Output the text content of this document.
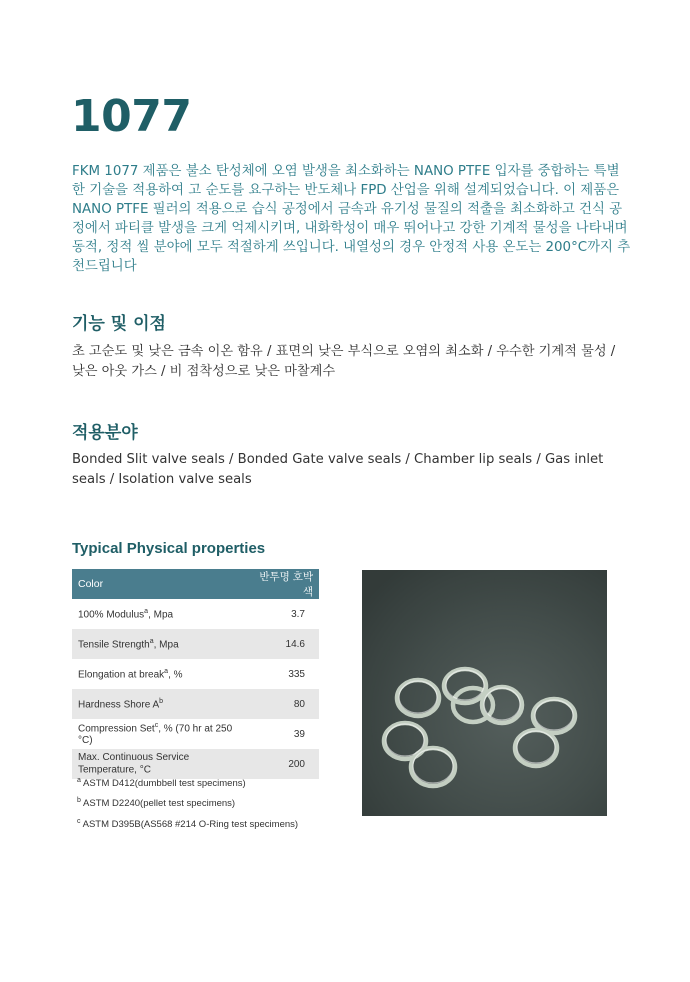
1077

FKM 1077 제품은 불소 탄성체에 오염 발생을 최소화하는 NANO PTFE 입자를 중합하는 특별한 기술을 적용하여 고 순도를 요구하는 반도체나 FPD 산업을 위해 설계되었습니다. 이 제품은 NANO PTFE 필러의 적용으로 습식 공정에서 금속과 유기성 물질의 적출을 최소화하고 건식 공정에서 파티클 발생을 크게 억제시키며, 내화학성이 매우 뛰어나고 강한 기계적 물성을 나타내며 동적, 정적 씰 분야에 모두 적절하게 쓰입니다. 내열성의 경우 안정적 사용 온도는 200°C까지 추천드립니다

기능 및 이점

초 고순도 및 낮은 금속 이온 함유 / 표면의 낮은 부식으로 오염의 최소화 / 우수한 기계적 물성 / 낮은 아웃 가스 / 비 점착성으로 낮은 마찰계수

적용분야

Bonded Slit valve seals / Bonded Gate valve seals / Chamber lip seals / Gas inlet seals / Isolation valve seals

Typical Physical properties
Color	반투명 호박색
100% Modulus$^a$, Mpa	3.7
Tensile Strength$^a$, Mpa	14.6
Elongation at break$^a$, %	335
Hardness Shore $A^b$	80
Compression Set$^c$, % (70 hr at 250 °C)	39
Max. Continuous Service Temperature, °C	200

$^a$ ASTM D412(dumbbell test specimens)

$^b$ ASTM D2240(pellet test specimens)

$^c$ ASTM D395B(AS568 #214 O-Ring test specimens)
